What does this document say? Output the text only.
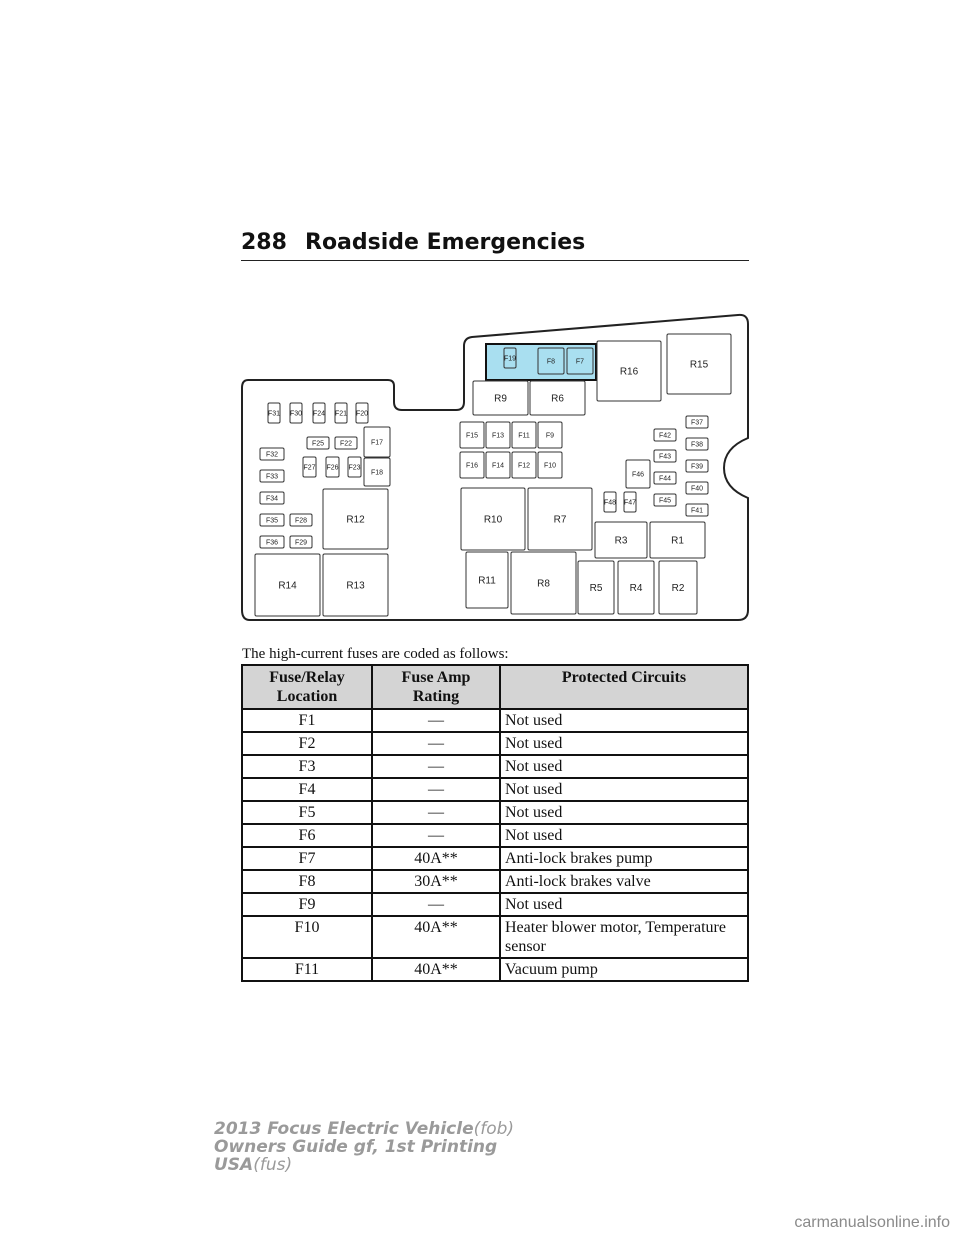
288 Roadside Emergencies
F19	F8	F7
F31 F30 F24 F21 F20
F25 F22	F17
F32
F27 F26 F23
F18
F33
F34
F35 F28
F36 F29
F15 F13 F11 F9
F16 F14 F12 F10
F37
F42
F38
F43
F39
F46
F44
F40
F48 F47	F45
F41
R16
R15
R9	R6
R12	R10	R7
R3	R1
R14	R13	R11	R8	R5	R4	R2
The high-current fuses are coded as follows:
Fuse/Relay Location	Fuse Amp Rating	Protected Circuits
F1	—	Not used
F2	—	Not used
F3	—	Not used
F4	—	Not used
F5	—	Not used
F6	—	Not used
F7	40A**	Anti-lock brakes pump
F8	30A**	Anti-lock brakes valve
F9	—	Not used
F10	40A**	Heater blower motor, Temperature sensor
F11	40A**	Vacuum pump
2013 Focus Electric Vehicle(fob)
Owners Guide gf, 1st Printing
USA(fus)
carmanualsonline.info
